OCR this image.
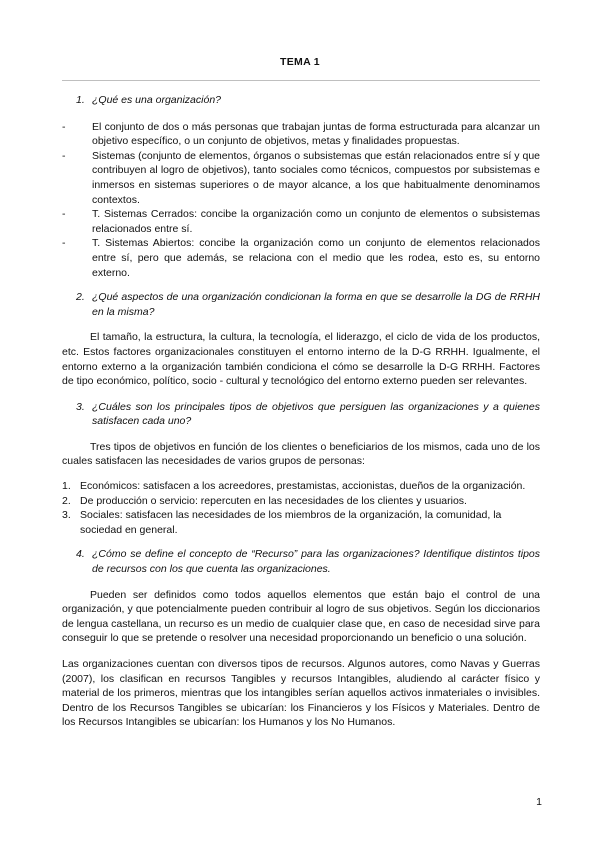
TEMA 1

1. ¿Qué es una organización?

- El conjunto de dos o más personas que trabajan juntas de forma estructurada para alcanzar un objetivo específico, o un conjunto de objetivos, metas y finalidades propuestas.
- Sistemas (conjunto de elementos, órganos o subsistemas que están relacionados entre sí y que contribuyen al logro de objetivos), tanto sociales como técnicos, compuestos por subsistemas e inmersos en sistemas superiores o de mayor alcance, a los que habitualmente denominamos contextos.
- T. Sistemas Cerrados: concibe la organización como un conjunto de elementos o subsistemas relacionados entre sí.
- T. Sistemas Abiertos: concibe la organización como un conjunto de elementos relacionados entre sí, pero que además, se relaciona con el medio que les rodea, esto es, su entorno externo.

2. ¿Qué aspectos de una organización condicionan la forma en que se desarrolle la DG de RRHH en la misma?

El tamaño, la estructura, la cultura, la tecnología, el liderazgo, el ciclo de vida de los productos, etc. Estos factores organizacionales constituyen el entorno interno de la D-G RRHH. Igualmente, el entorno externo a la organización también condiciona el cómo se desarrolle la D-G RRHH. Factores de tipo económico, político, socio - cultural y tecnológico del entorno externo pueden ser relevantes.

3. ¿Cuáles son los principales tipos de objetivos que persiguen las organizaciones y a quienes satisfacen cada uno?

Tres tipos de objetivos en función de los clientes o beneficiarios de los mismos, cada uno de los cuales satisfacen las necesidades de varios grupos de personas:

1. Económicos: satisfacen a los acreedores, prestamistas, accionistas, dueños de la organización.
2. De producción o servicio: repercuten en las necesidades de los clientes y usuarios.
3. Sociales: satisfacen las necesidades de los miembros de la organización, la comunidad, la sociedad en general.

4. ¿Cómo se define el concepto de “Recurso” para las organizaciones? Identifique distintos tipos de recursos con los que cuenta las organizaciones.

Pueden ser definidos como todos aquellos elementos que están bajo el control de una organización, y que potencialmente pueden contribuir al logro de sus objetivos. Según los diccionarios de lengua castellana, un recurso es un medio de cualquier clase que, en caso de necesidad sirve para conseguir lo que se pretende o resolver una necesidad proporcionando un beneficio o una solución.

Las organizaciones cuentan con diversos tipos de recursos. Algunos autores, como Navas y Guerras (2007), los clasifican en recursos Tangibles y recursos Intangibles, aludiendo al carácter físico y material de los primeros, mientras que los intangibles serían aquellos activos inmateriales o invisibles. Dentro de los Recursos Tangibles se ubicarían: los Financieros y los Físicos y Materiales. Dentro de los Recursos Intangibles se ubicarían: los Humanos y los No Humanos.

1
